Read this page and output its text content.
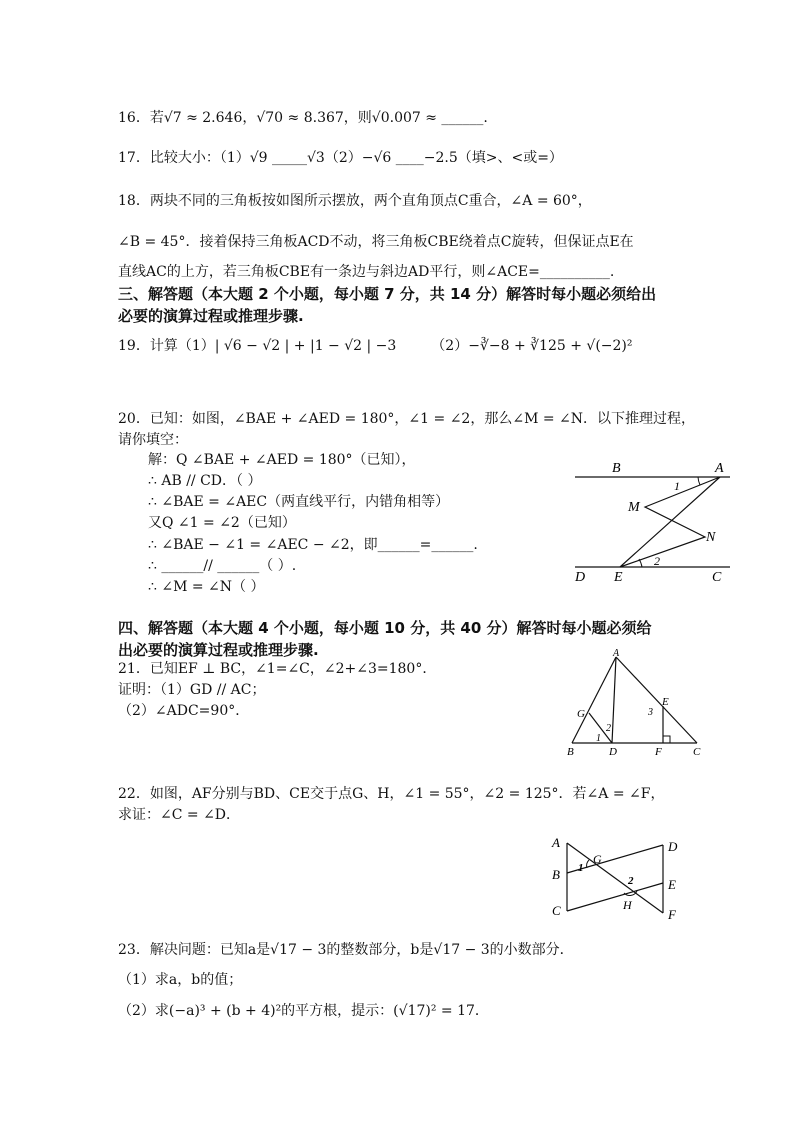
16．若√7 ≈ 2.646，√70 ≈ 8.367，则√0.007 ≈ ______.
17．比较大小：（1）√9 _____√3（2）−√6 ____−2.5（填>、<或=）
18．两块不同的三角板按如图所示摆放，两个直角顶点C重合，∠A = 60°，
∠B = 45°．接着保持三角板ACD不动，将三角板CBE绕着点C旋转，但保证点E在
直线AC的上方，若三角板CBE有一条边与斜边AD平行，则∠ACE=__________.
三、解答题（本大题 2 个小题，每小题 7 分，共 14 分）解答时每小题必须给出
必要的演算过程或推理步骤.
19．计算（1）| √6 − √2 | + |1 − √2 | −3　　　（2）−∛−8 + ∛125 + √(−2)²
20．已知：如图，∠BAE + ∠AED = 180°，∠1 = ∠2，那么∠M = ∠N．以下推理过程，
请你填空：
解：Q ∠BAE + ∠AED = 180°（已知），
∴ AB // CD．（ ）
∴ ∠BAE = ∠AEC（两直线平行，内错角相等）
又Q ∠1 = ∠2（已知）
∴ ∠BAE − ∠1 = ∠AEC − ∠2，即______=______.
∴ ______// ______（ ）.
∴ ∠M = ∠N（ ）
B	A
M
N
D E	C
1
2
四、解答题（本大题 4 个小题，每小题 10 分，共 40 分）解答时每小题必须给
出必要的演算过程或推理步骤.
21．已知EF ⊥ BC，∠1=∠C，∠2+∠3=180°．
证明：（1）GD // AC；
（2）∠ADC=90°．
A
G
E
B	D	F	C
1
2
3
22．如图，AF分别与BD、CE交于点G、H，∠1 = 55°，∠2 = 125°．若∠A = ∠F，
求证：∠C = ∠D．
A
B
C
D
E
F
G
H
1
2
23．解决问题：已知a是√17 − 3的整数部分，b是√17 − 3的小数部分．
（1）求a，b的值；
（2）求(−a)³ + (b + 4)²的平方根，提示：(√17)² = 17．
